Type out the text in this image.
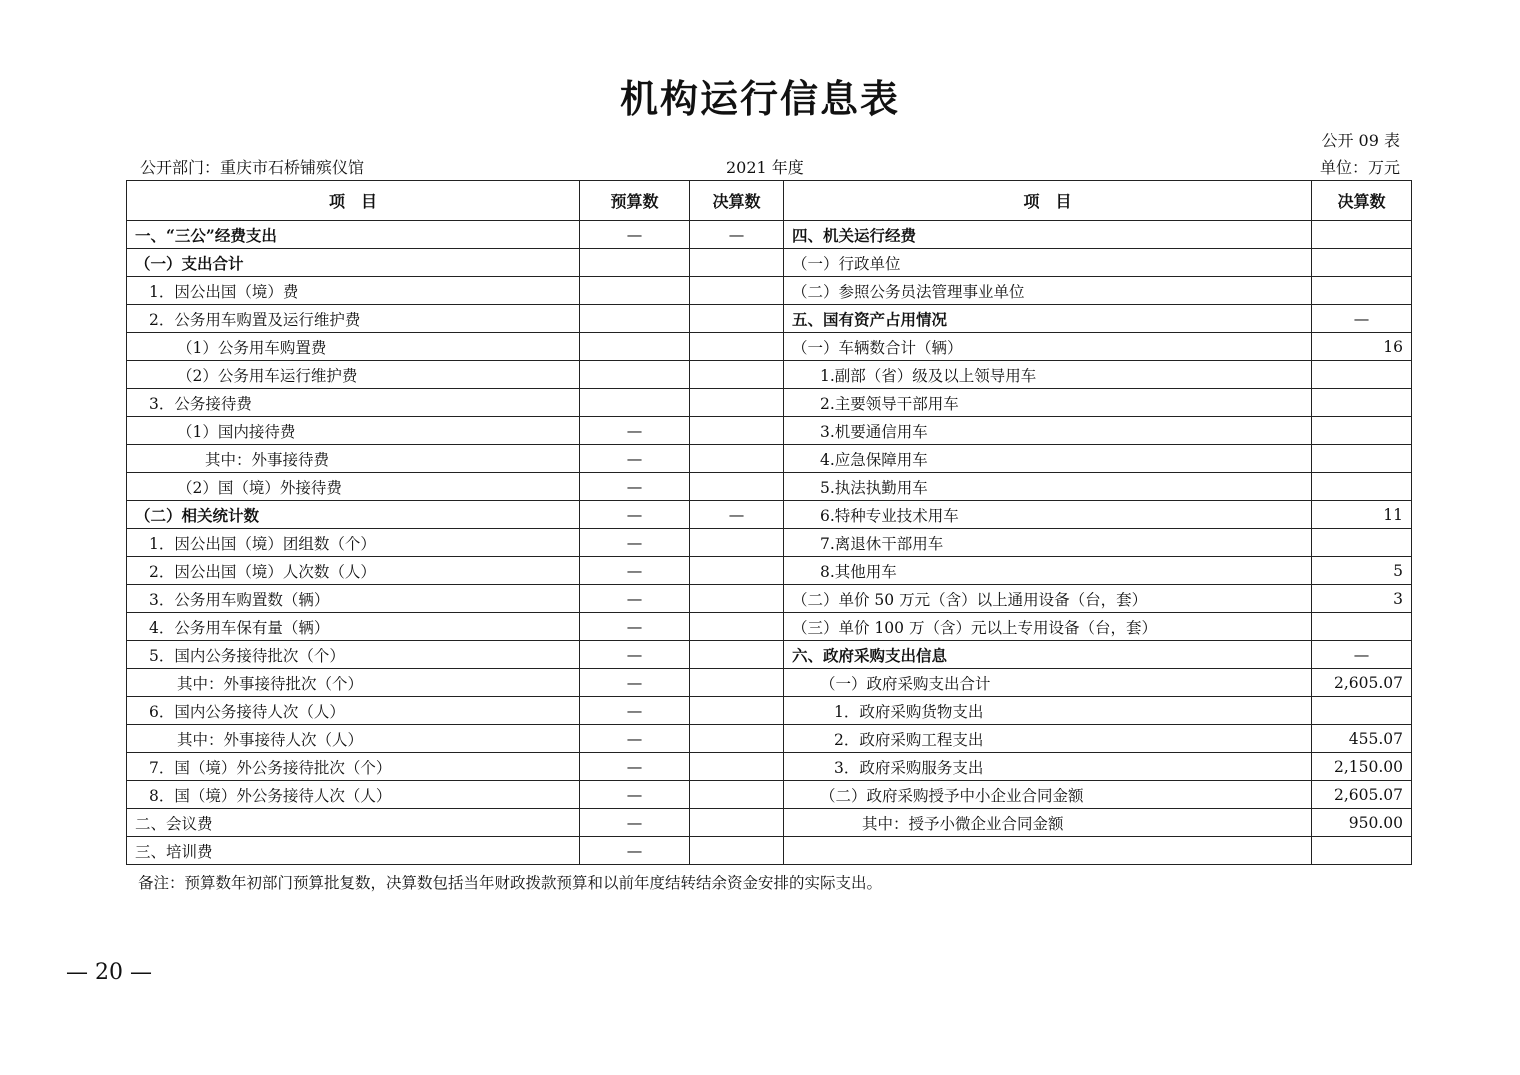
机构运行信息表
公开 09 表
公开部门：重庆市石桥铺殡仪馆	2021 年度	单位：万元
项　目	预算数	决算数	项　目	决算数
一、“三公”经费支出	—	—	四、机关运行经费	
（一）支出合计			（一）行政单位	
1．因公出国（境）费			（二）参照公务员法管理事业单位	
2．公务用车购置及运行维护费			五、国有资产占用情况	—
（1）公务用车购置费			（一）车辆数合计（辆）	16
（2）公务用车运行维护费			1.副部（省）级及以上领导用车	
3．公务接待费			2.主要领导干部用车	
（1）国内接待费	—		3.机要通信用车	
其中：外事接待费	—		4.应急保障用车	
（2）国（境）外接待费	—		5.执法执勤用车	
（二）相关统计数	—	—	6.特种专业技术用车	11
1．因公出国（境）团组数（个）	—		7.离退休干部用车	
2．因公出国（境）人次数（人）	—		8.其他用车	5
3．公务用车购置数（辆）	—		（二）单价 50 万元（含）以上通用设备（台，套）	3
4．公务用车保有量（辆）	—		（三）单价 100 万（含）元以上专用设备（台，套）	
5．国内公务接待批次（个）	—		六、政府采购支出信息	—
其中：外事接待批次（个）	—		（一）政府采购支出合计	2,605.07
6．国内公务接待人次（人）	—		1．政府采购货物支出	
其中：外事接待人次（人）	—		2．政府采购工程支出	455.07
7．国（境）外公务接待批次（个）	—		3．政府采购服务支出	2,150.00
8．国（境）外公务接待人次（人）	—		（二）政府采购授予中小企业合同金额	2,605.07
二、会议费	—		其中：授予小微企业合同金额	950.00
三、培训费	—			
备注：预算数年初部门预算批复数，决算数包括当年财政拨款预算和以前年度结转结余资金安排的实际支出。
— 20 —
